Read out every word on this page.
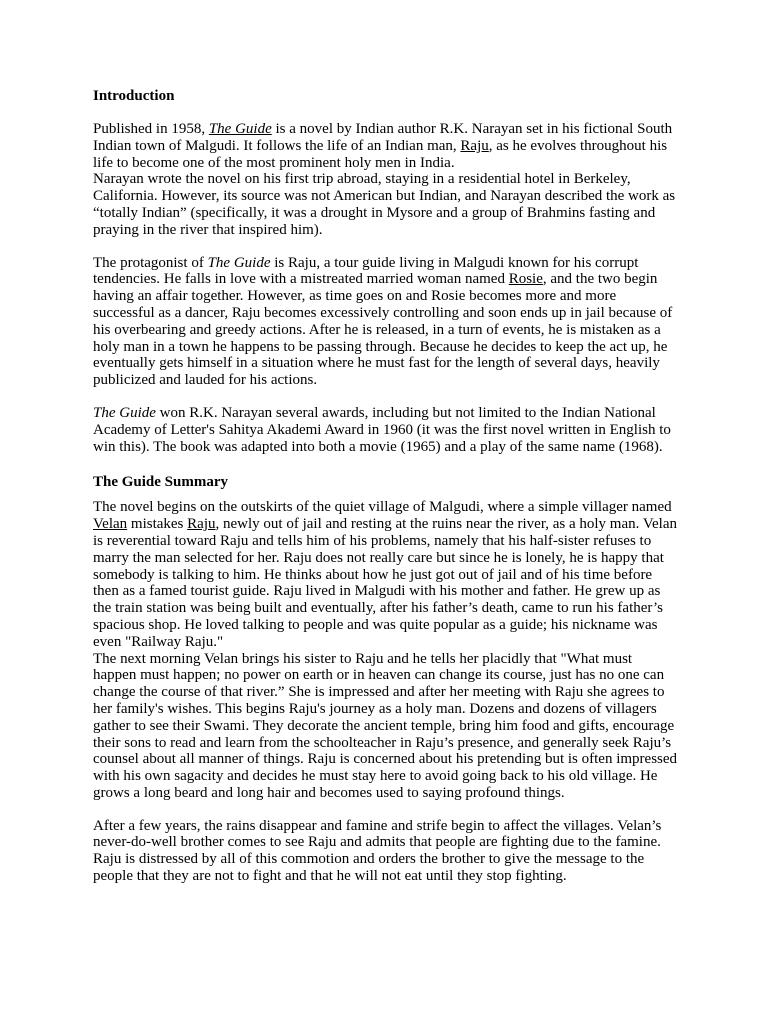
Introduction

Published in 1958, The Guide is a novel by Indian author R.K. Narayan set in his fictional South Indian town of Malgudi. It follows the life of an Indian man, Raju, as he evolves throughout his life to become one of the most prominent holy men in India.

Narayan wrote the novel on his first trip abroad, staying in a residential hotel in Berkeley, California. However, its source was not American but Indian, and Narayan described the work as “totally Indian” (specifically, it was a drought in Mysore and a group of Brahmins fasting and praying in the river that inspired him).

The protagonist of The Guide is Raju, a tour guide living in Malgudi known for his corrupt tendencies. He falls in love with a mistreated married woman named Rosie, and the two begin having an affair together. However, as time goes on and Rosie becomes more and more successful as a dancer, Raju becomes excessively controlling and soon ends up in jail because of his overbearing and greedy actions. After he is released, in a turn of events, he is mistaken as a holy man in a town he happens to be passing through. Because he decides to keep the act up, he eventually gets himself in a situation where he must fast for the length of several days, heavily publicized and lauded for his actions.

The Guide won R.K. Narayan several awards, including but not limited to the Indian National Academy of Letter's Sahitya Akademi Award in 1960 (it was the first novel written in English to win this). The book was adapted into both a movie (1965) and a play of the same name (1968).

The Guide Summary

The novel begins on the outskirts of the quiet village of Malgudi, where a simple villager named Velan mistakes Raju, newly out of jail and resting at the ruins near the river, as a holy man. Velan is reverential toward Raju and tells him of his problems, namely that his half-sister refuses to marry the man selected for her. Raju does not really care but since he is lonely, he is happy that somebody is talking to him. He thinks about how he just got out of jail and of his time before then as a famed tourist guide. Raju lived in Malgudi with his mother and father. He grew up as the train station was being built and eventually, after his father’s death, came to run his father’s spacious shop. He loved talking to people and was quite popular as a guide; his nickname was even "Railway Raju."

The next morning Velan brings his sister to Raju and he tells her placidly that "What must happen must happen; no power on earth or in heaven can change its course, just has no one can change the course of that river.” She is impressed and after her meeting with Raju she agrees to her family's wishes. This begins Raju's journey as a holy man. Dozens and dozens of villagers gather to see their Swami. They decorate the ancient temple, bring him food and gifts, encourage their sons to read and learn from the schoolteacher in Raju’s presence, and generally seek Raju’s counsel about all manner of things. Raju is concerned about his pretending but is often impressed with his own sagacity and decides he must stay here to avoid going back to his old village. He grows a long beard and long hair and becomes used to saying profound things.

After a few years, the rains disappear and famine and strife begin to affect the villages. Velan’s never-do-well brother comes to see Raju and admits that people are fighting due to the famine. Raju is distressed by all of this commotion and orders the brother to give the message to the people that they are not to fight and that he will not eat until they stop fighting.
